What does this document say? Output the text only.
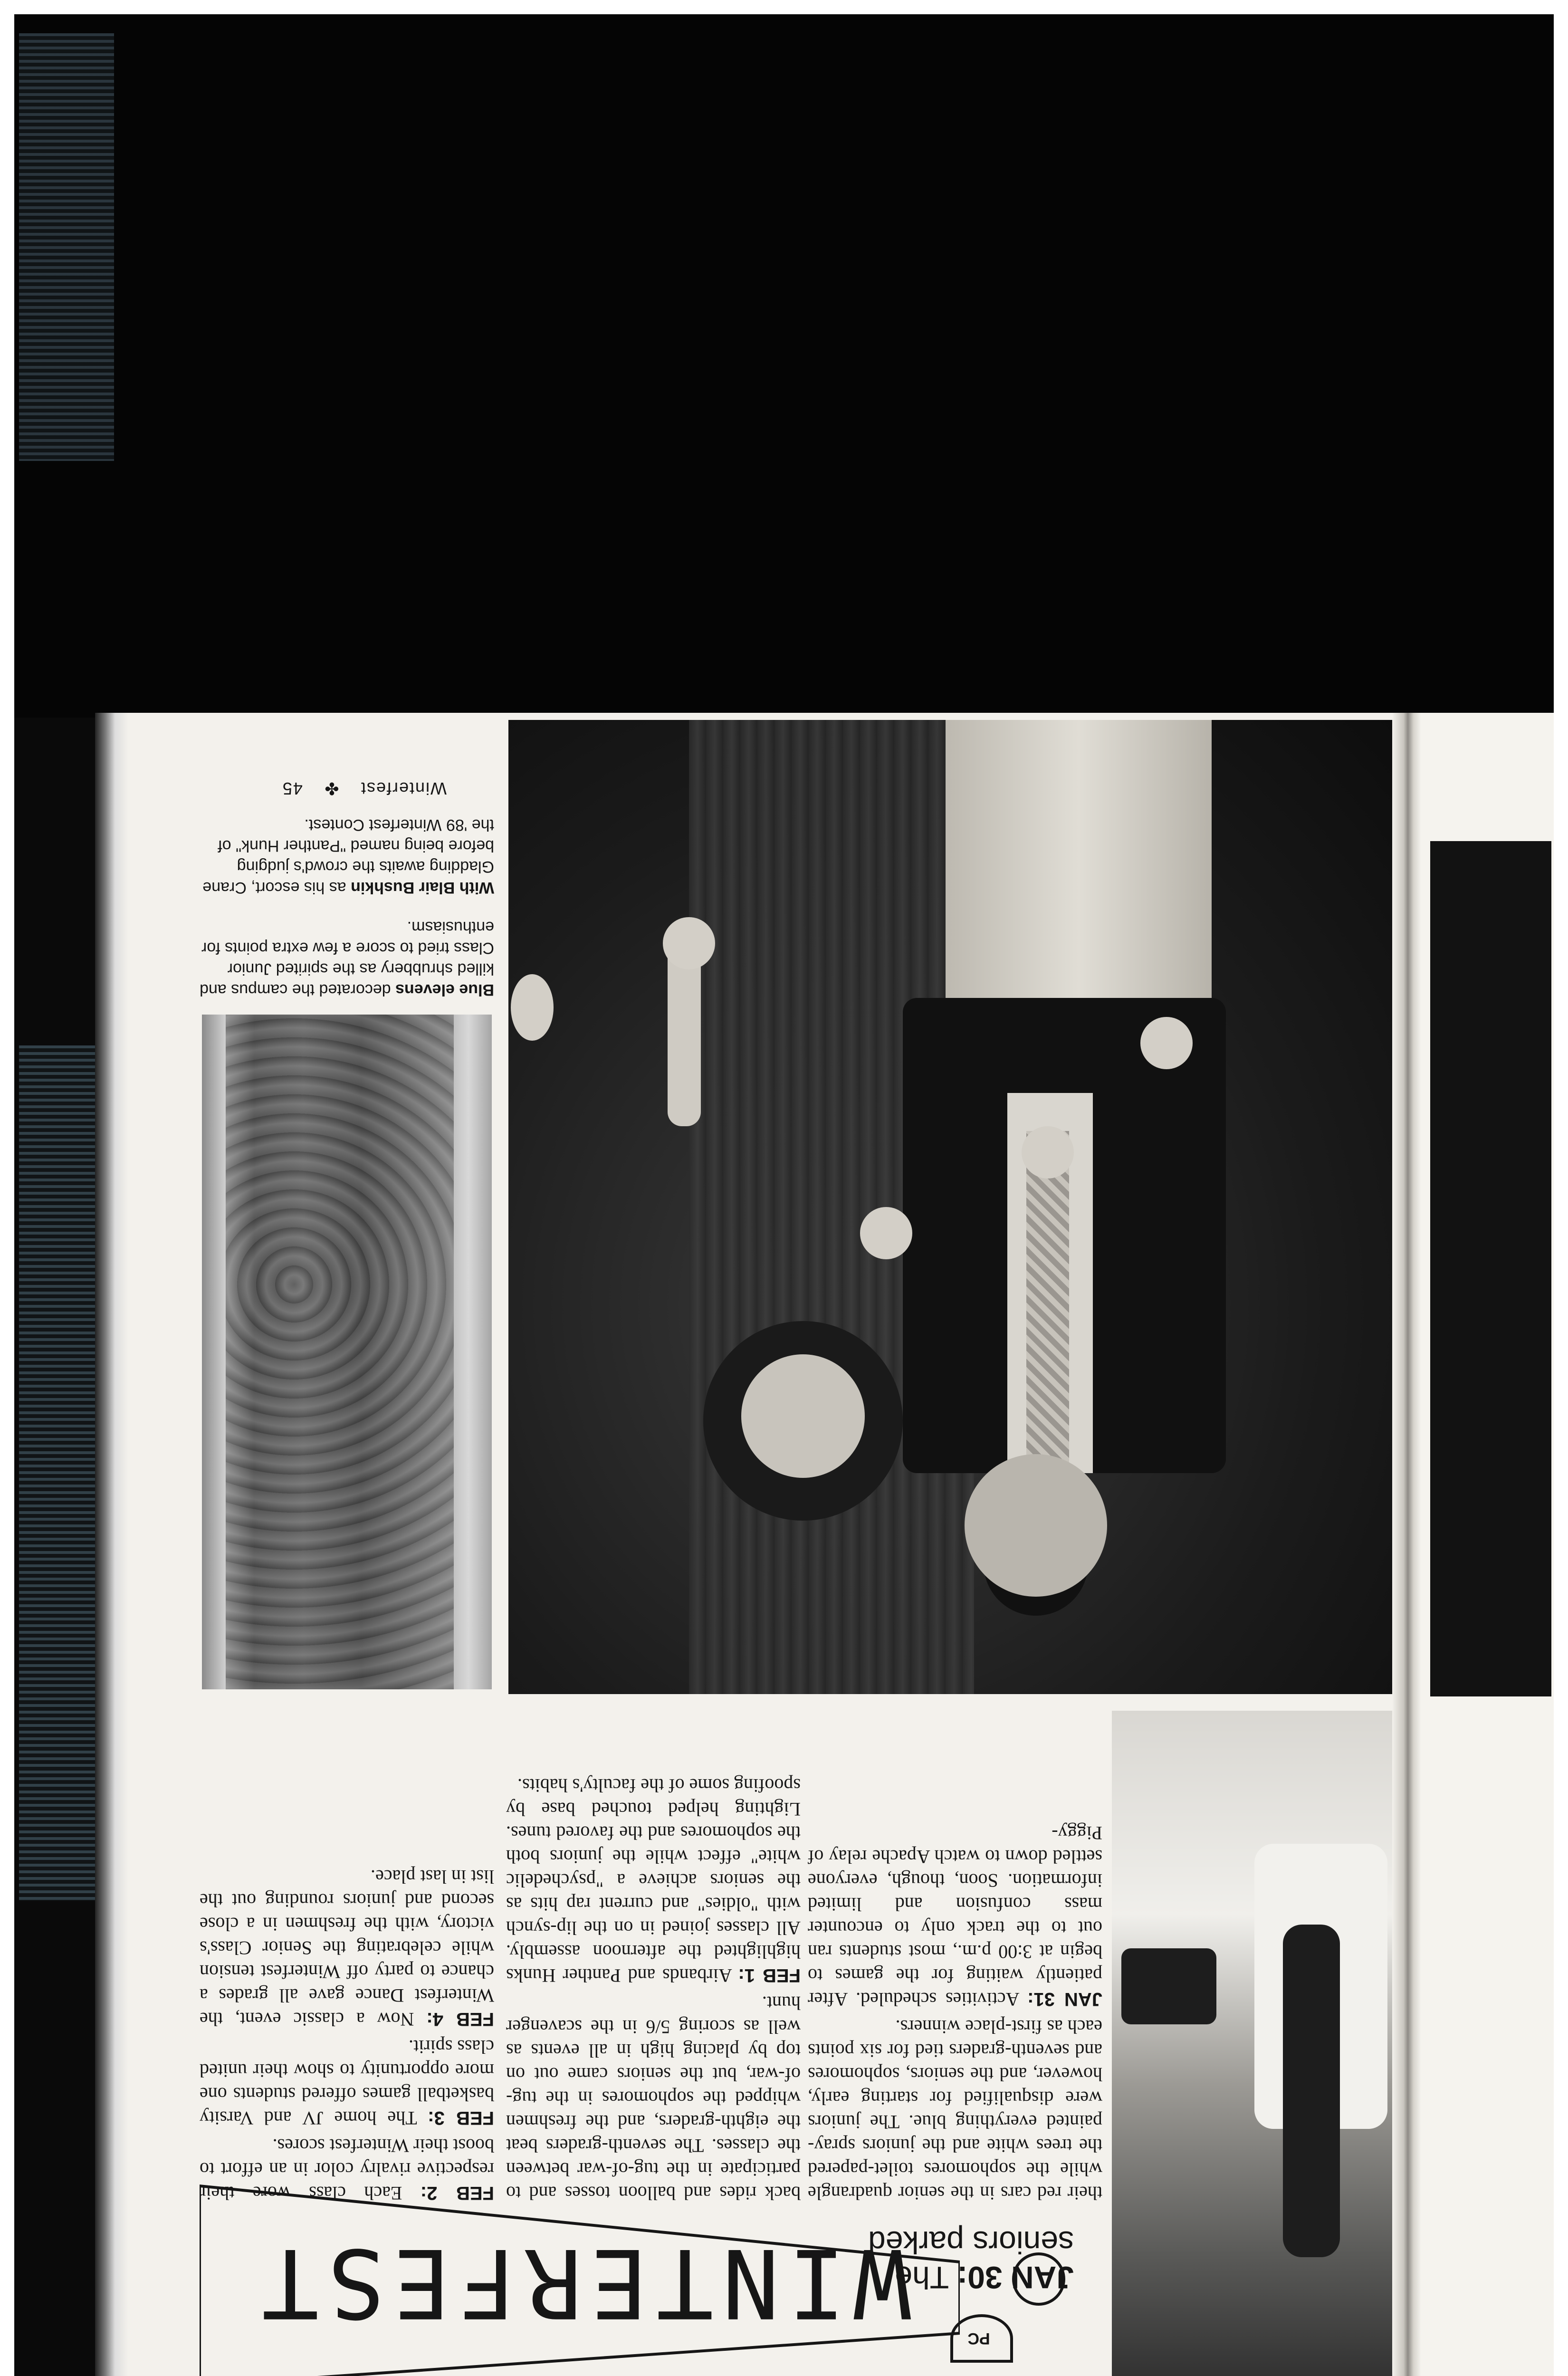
Winterfest ✤ 45
With Blair Bushkin as his escort, Crane Gladding awaits the crowd's judging before being named "Panther Hunk" of the '89 Winterfest Contest.
Blue elevens decorated the campus and killed shrubbery as the spirited Junior Class tried to score a few extra points for enthusiasm.
their red cars in the senior quadrangle while the sophomores toilet-papered the trees white and the juniors spray-painted everything blue. The juniors were disqualified for starting early, however, and the seniors, sophomores and seventh-graders tied for six points each as first-place winners.
JAN 31: Activities scheduled. After patiently waiting for the games to begin at 3:00 p.m., most students ran out to the track only to encounter mass confusion and limited information. Soon, though, everyone settled down to watch Apache relay of Piggy-
back rides and balloon tosses and to participate in the tug-of-war between the classes. The seventh-graders beat the eighth-graders, and the freshmen whipped the sophomores in the tug-of-war, but the seniors came out on top by placing high in all events as well as scoring 5/6 in the scavenger hunt.
FEB 1: Airbands and Panther Hunks highlighted the afternoon assembly. All classes joined in on the lip-synch with "oldies" and current rap hits as the seniors achieve a "psychedelic white" effect while the juniors both the sophomores and the favored tunes. Lighting helped touched base by spoofing some of the faculty's habits.
FEB 2: Each class wore their respective rivalry color in an effort to boost their Winterfest scores.
FEB 3: The home JV and Varsity basketball games offered students one more opportunity to show their united class spirit.
FEB 4: Now a classic event, the Winterfest Dance gave all grades a chance to party off Winterfest tension while celebrating the Senior Class's victory, with the freshmen in a close second and juniors rounding out the list in last place.
JAN 30: The seniors parked
PC
WINTERFEST
